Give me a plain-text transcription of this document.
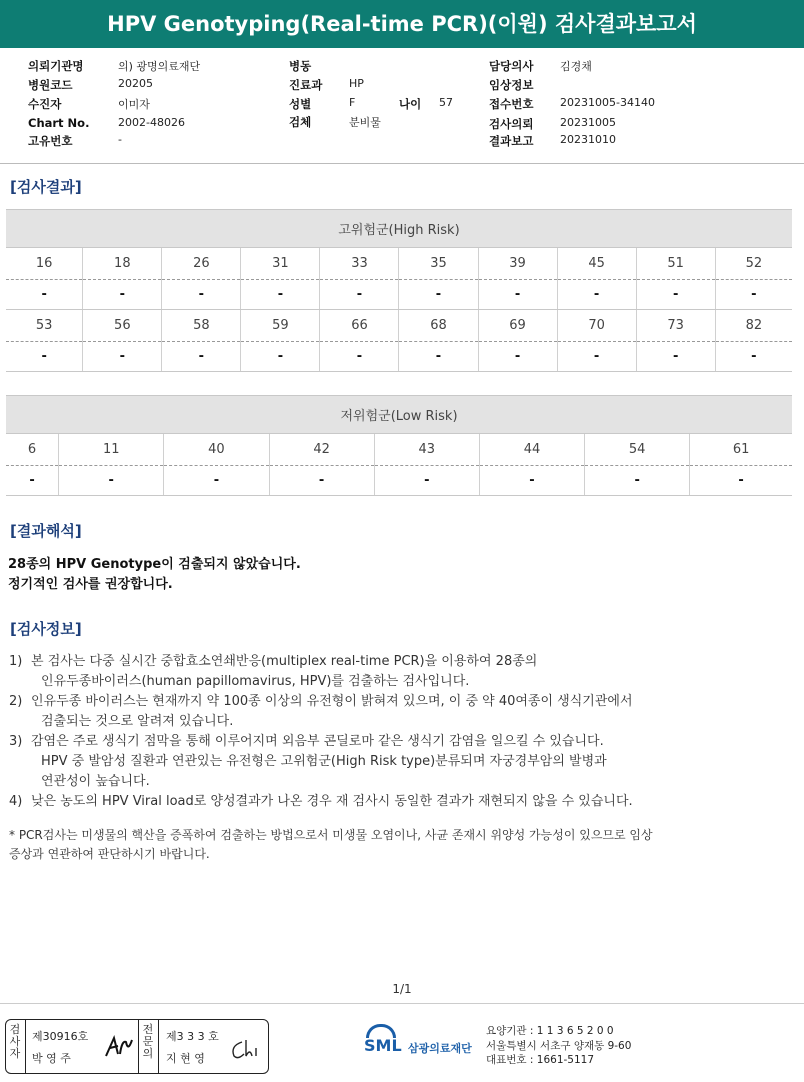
HPV Genotyping(Real-time PCR)(이원) 검사결과보고서
의뢰기관명	의) 광명의료재단
병원코드	20205
수진자	이미자
Chart No.	2002-48026
고유번호	-
병동
진료과 HP
성별	F	나이 57
검체	분비물
담당의사 김경채
임상정보
접수번호 20231005-34140
검사의뢰 20231005
결과보고 20231010
[검사결과]
고위험군(High Risk)									
16	18	26	31	33	35	39	45	51	52
-	-	-	-	-	-	-	-	-	-
53	56	58	59	66	68	69	70	73	82
-	-	-	-	-	-	-	-	-	-
저위험군(Low Risk)							
6	11	40	42	43	44	54	61
-	-	-	-	-	-	-	-
[결과해석]
28종의 HPV Genotype이 검출되지 않았습니다.
정기적인 검사를 권장합니다.
[검사정보]
1) 본 검사는 다중 실시간 중합효소연쇄반응(multiplex real-time PCR)을 이용하여 28종의
인유두종바이러스(human papillomavirus, HPV)를 검출하는 검사입니다.
2) 인유두종 바이러스는 현재까지 약 100종 이상의 유전형이 밝혀져 있으며, 이 중 약 40여종이 생식기관에서
검출되는 것으로 알려져 있습니다.
3) 감염은 주로 생식기 점막을 통해 이루어지며 외음부 콘딜로마 같은 생식기 감염을 일으킬 수 있습니다.
HPV 중 발암성 질환과 연관있는 유전형은 고위험군(High Risk type)분류되며 자궁경부암의 발병과
연관성이 높습니다.
4) 낮은 농도의 HPV Viral load로 양성결과가 나온 경우 재 검사시 동일한 결과가 재현되지 않을 수 있습니다.
* PCR검사는 미생물의 핵산을 증폭하여 검출하는 방법으로서 미생물 오염이나, 사균 존재시 위양성 가능성이 있으므로 임상
증상과 연관하여 판단하시기 바랍니다.
1/1
검
사
자
제30916호
박 영 주
전
문
의
제3 3 3 호
지 현 영
SML 삼광의료재단
요양기관 : 1 1 3 6 5 2 0 0
서울특별시 서초구 양재동 9-60
대표번호 : 1661-5117
